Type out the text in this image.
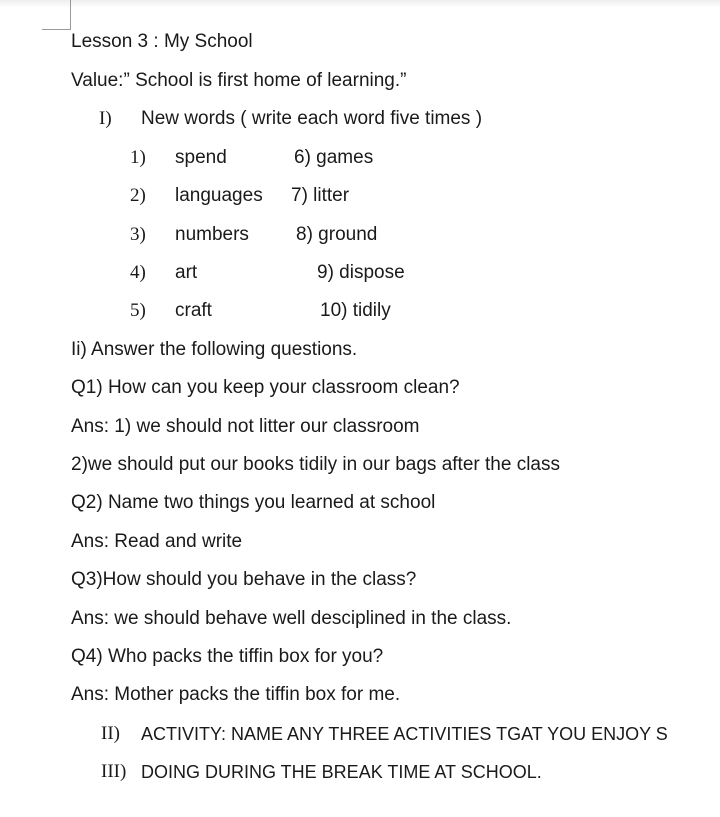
Lesson 3 : My School
Value:” School is first home of learning.”
I) New words ( write each word five times )
1) spend
2) languages
3) numbers
4) art
5) craft
6) games
7) litter
8) ground
9) dispose
10) tidily
Ii) Answer the following questions.
Q1) How can you keep your classroom clean?
Ans: 1) we should not litter our classroom
2)we should put our books tidily in our bags after the class
Q2) Name two things you learned at school
Ans: Read and write
Q3)How should you behave in the class?
Ans: we should behave well desciplined in the class.
Q4) Who packs the tiffin box for you?
Ans: Mother packs the tiffin box for me.
II) ACTIVITY: NAME ANY THREE ACTIVITIES TGAT YOU ENJOY S
III) DOING DURING THE BREAK TIME AT SCHOOL.
